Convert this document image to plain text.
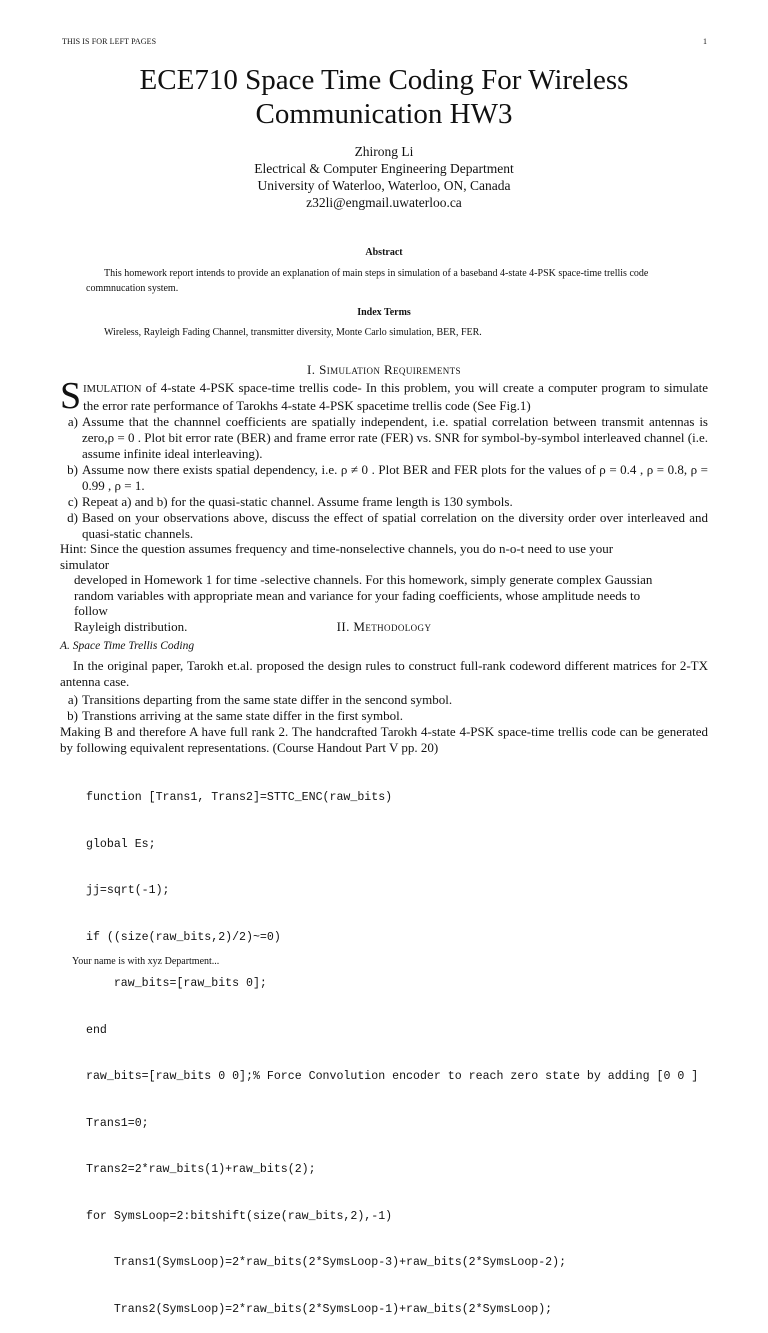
THIS IS FOR LEFT PAGES	1
ECE710 Space Time Coding For Wireless
Communication HW3
Zhirong Li
Electrical & Computer Engineering Department
University of Waterloo, Waterloo, ON, Canada
z32li@engmail.uwaterloo.ca
Abstract
This homework report intends to provide an explanation of main steps in simulation of a baseband 4-state 4-PSK space-time trellis code commnucation system.
Index Terms
Wireless, Rayleigh Fading Channel, transmitter diversity, Monte Carlo simulation, BER, FER.
I. Simulation Requirements
SIMULATION of 4-state 4-PSK space-time trellis code- In this problem, you will create a computer program to simulate the error rate performance of Tarokhs 4-state 4-PSK spacetime trellis code (See Fig.1)
a) Assume that the channnel coefficients are spatially independent, i.e. spatial correlation between transmit antennas is zero,ρ = 0 . Plot bit error rate (BER) and frame error rate (FER) vs. SNR for symbol-by-symbol interleaved channel (i.e. assume infinite ideal interleaving).
b) Assume now there exists spatial dependency, i.e. ρ ≠ 0 . Plot BER and FER plots for the values of ρ = 0.4 , ρ = 0.8, ρ = 0.99 , ρ = 1.
c) Repeat a) and b) for the quasi-static channel. Assume frame length is 130 symbols.
d) Based on your observations above, discuss the effect of spatial correlation on the diversity order over interleaved and quasi-static channels.
Hint: Since the question assumes frequency and time-nonselective channels, you do n-o-t need to use your simulator
developed in Homework 1 for time -selective channels. For this homework, simply generate complex Gaussian
random variables with appropriate mean and variance for your fading coefficients, whose amplitude needs to follow
Rayleigh distribution.	II. Methodology
A. Space Time Trellis Coding
In the original paper, Tarokh et.al. proposed the design rules to construct full-rank codeword different matrices for 2-TX antenna case.
a) Transitions departing from the same state differ in the sencond symbol.
b) Transtions arriving at the same state differ in the first symbol.
Making B and therefore A have full rank 2. The handcrafted Tarokh 4-state 4-PSK space-time trellis code can be generated by following equivalent representations. (Course Handout Part V pp. 20)

function [Trans1, Trans2]=STTC_ENC(raw_bits)

global Es;

jj=sqrt(-1);

if ((size(raw_bits,2)/2)~=0)

raw_bits=[raw_bits 0];

end

raw_bits=[raw_bits 0 0];% Force Convolution encoder to reach zero state by adding [0 0 ]

Trans1=0;

Trans2=2*raw_bits(1)+raw_bits(2);

for SymsLoop=2:bitshift(size(raw_bits,2),-1)

Trans1(SymsLoop)=2*raw_bits(2*SymsLoop-3)+raw_bits(2*SymsLoop-2);

Trans2(SymsLoop)=2*raw_bits(2*SymsLoop-1)+raw_bits(2*SymsLoop);

Your name is with xyz Department...
